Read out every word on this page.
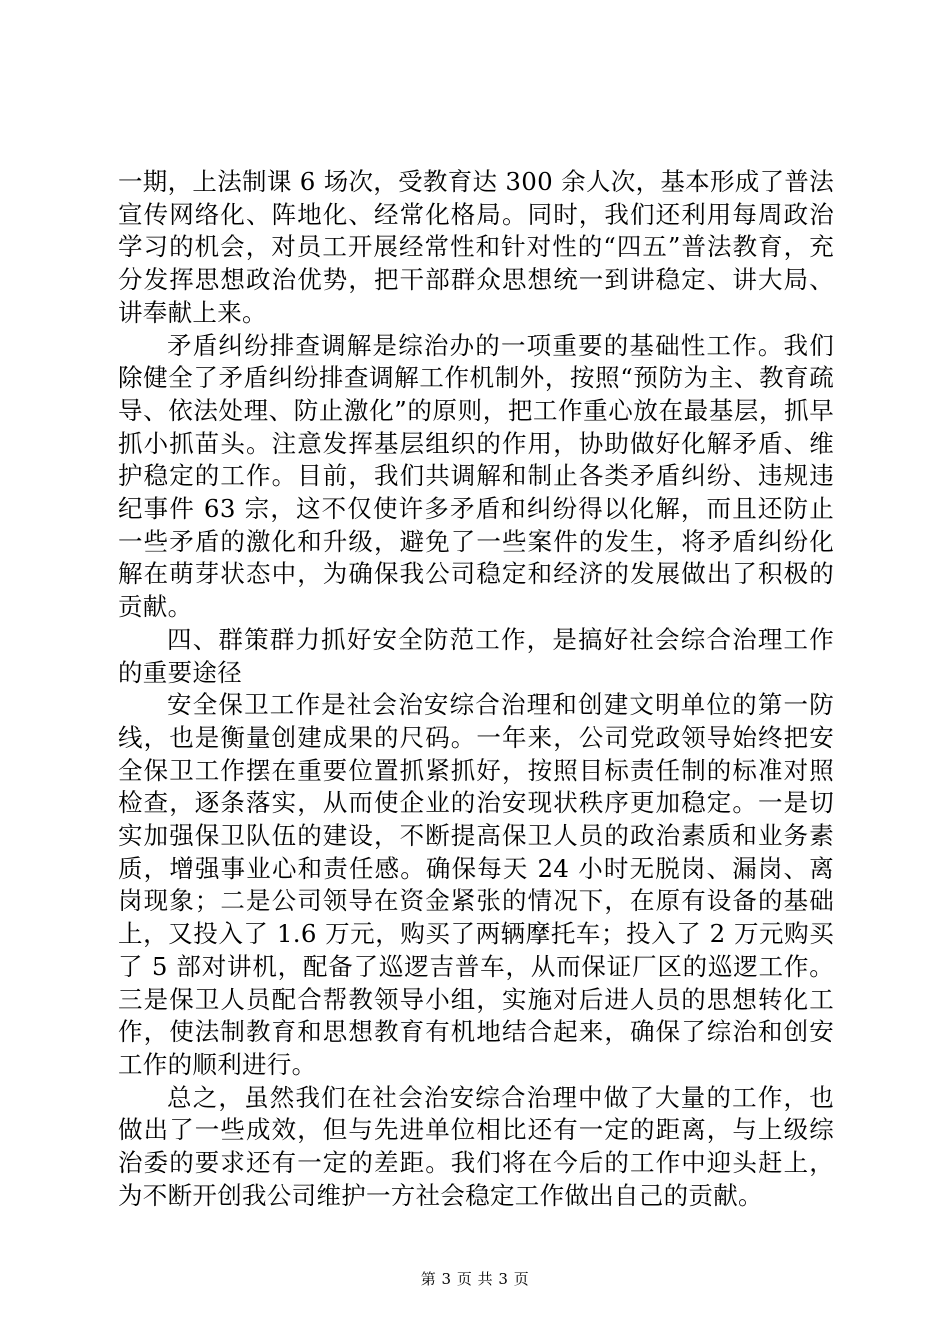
一期，上法制课 6 场次，受教育达 300 余人次，基本形成了普法宣传网络化、阵地化、经常化格局。同时，我们还利用每周政治学习的机会，对员工开展经常性和针对性的“四五”普法教育，充分发挥思想政治优势，把干部群众思想统一到讲稳定、讲大局、讲奉献上来。

矛盾纠纷排查调解是综治办的一项重要的基础性工作。我们除健全了矛盾纠纷排查调解工作机制外，按照“预防为主、教育疏导、依法处理、防止激化”的原则，把工作重心放在最基层，抓早抓小抓苗头。注意发挥基层组织的作用，协助做好化解矛盾、维护稳定的工作。目前，我们共调解和制止各类矛盾纠纷、违规违纪事件 63 宗，这不仅使许多矛盾和纠纷得以化解，而且还防止一些矛盾的激化和升级，避免了一些案件的发生，将矛盾纠纷化解在萌芽状态中，为确保我公司稳定和经济的发展做出了积极的贡献。

四、群策群力抓好安全防范工作，是搞好社会综合治理工作的重要途径

安全保卫工作是社会治安综合治理和创建文明单位的第一防线，也是衡量创建成果的尺码。一年来，公司党政领导始终把安全保卫工作摆在重要位置抓紧抓好，按照目标责任制的标准对照检查，逐条落实，从而使企业的治安现状秩序更加稳定。一是切实加强保卫队伍的建设，不断提高保卫人员的政治素质和业务素质，增强事业心和责任感。确保每天 24 小时无脱岗、漏岗、离岗现象；二是公司领导在资金紧张的情况下，在原有设备的基础上，又投入了 1.6 万元，购买了两辆摩托车；投入了 2 万元购买了 5 部对讲机，配备了巡逻吉普车，从而保证厂区的巡逻工作。三是保卫人员配合帮教领导小组，实施对后进人员的思想转化工作，使法制教育和思想教育有机地结合起来，确保了综治和创安工作的顺利进行。

总之，虽然我们在社会治安综合治理中做了大量的工作，也做出了一些成效，但与先进单位相比还有一定的距离，与上级综治委的要求还有一定的差距。我们将在今后的工作中迎头赶上，为不断开创我公司维护一方社会稳定工作做出自己的贡献。

第 3 页 共 3 页
